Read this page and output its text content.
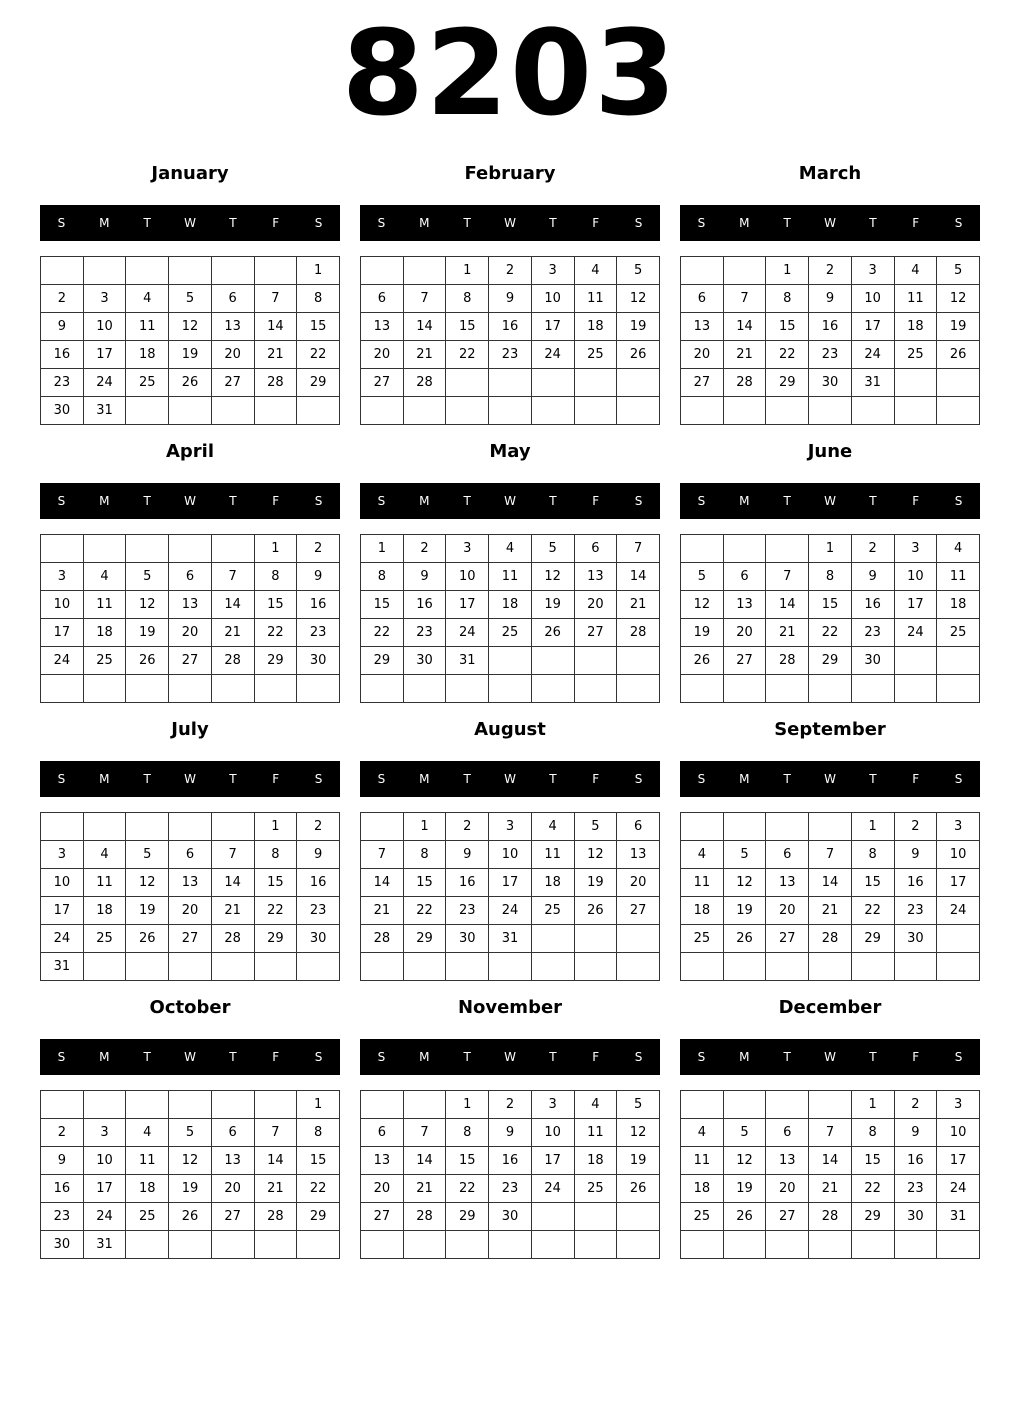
8203
January
S	M	T	W	T	F	S
						1
2	3	4	5	6	7	8
9	10	11	12	13	14	15
16	17	18	19	20	21	22
23	24	25	26	27	28	29
30	31					
February
S	M	T	W	T	F	S
		1	2	3	4	5
6	7	8	9	10	11	12
13	14	15	16	17	18	19
20	21	22	23	24	25	26
27	28					

March
S	M	T	W	T	F	S
		1	2	3	4	5
6	7	8	9	10	11	12
13	14	15	16	17	18	19
20	21	22	23	24	25	26
27	28	29	30	31		

April
S	M	T	W	T	F	S
					1	2
3	4	5	6	7	8	9
10	11	12	13	14	15	16
17	18	19	20	21	22	23
24	25	26	27	28	29	30

May
S	M	T	W	T	F	S
1	2	3	4	5	6	7
8	9	10	11	12	13	14
15	16	17	18	19	20	21
22	23	24	25	26	27	28
29	30	31				

June
S	M	T	W	T	F	S
			1	2	3	4
5	6	7	8	9	10	11
12	13	14	15	16	17	18
19	20	21	22	23	24	25
26	27	28	29	30		

July
S	M	T	W	T	F	S
					1	2
3	4	5	6	7	8	9
10	11	12	13	14	15	16
17	18	19	20	21	22	23
24	25	26	27	28	29	30
31						
August
S	M	T	W	T	F	S
	1	2	3	4	5	6
7	8	9	10	11	12	13
14	15	16	17	18	19	20
21	22	23	24	25	26	27
28	29	30	31			

September
S	M	T	W	T	F	S
				1	2	3
4	5	6	7	8	9	10
11	12	13	14	15	16	17
18	19	20	21	22	23	24
25	26	27	28	29	30	

October
S	M	T	W	T	F	S
						1
2	3	4	5	6	7	8
9	10	11	12	13	14	15
16	17	18	19	20	21	22
23	24	25	26	27	28	29
30	31					
November
S	M	T	W	T	F	S
		1	2	3	4	5
6	7	8	9	10	11	12
13	14	15	16	17	18	19
20	21	22	23	24	25	26
27	28	29	30			

December
S	M	T	W	T	F	S
				1	2	3
4	5	6	7	8	9	10
11	12	13	14	15	16	17
18	19	20	21	22	23	24
25	26	27	28	29	30	31
